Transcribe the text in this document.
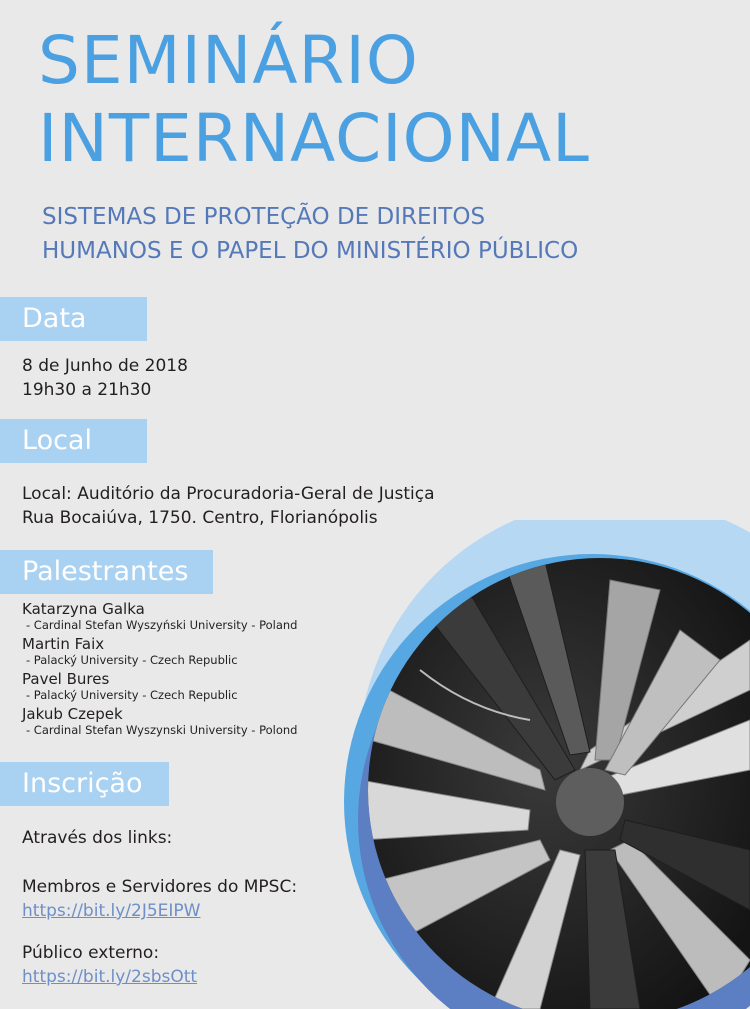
SEMINÁRIO
INTERNACIONAL
SISTEMAS DE PROTEÇÃO DE DIREITOS
HUMANOS E O PAPEL DO MINISTÉRIO PÚBLICO
Data
8 de Junho de 2018
19h30 a 21h30
Local
Local: Auditório da Procuradoria-Geral de Justiça
Rua Bocaiúva, 1750. Centro, Florianópolis
Palestrantes
Katarzyna Galka
- Cardinal Stefan Wyszyński University - Poland
Martin Faix
- Palacký University - Czech Republic
Pavel Bures
- Palacký University - Czech Republic
Jakub Czepek
- Cardinal Stefan Wyszynski University - Polond
Inscrição
Através dos links:
Membros e Servidores do MPSC:
https://bit.ly/2J5EIPW
Público externo:
https://bit.ly/2sbsOtt
